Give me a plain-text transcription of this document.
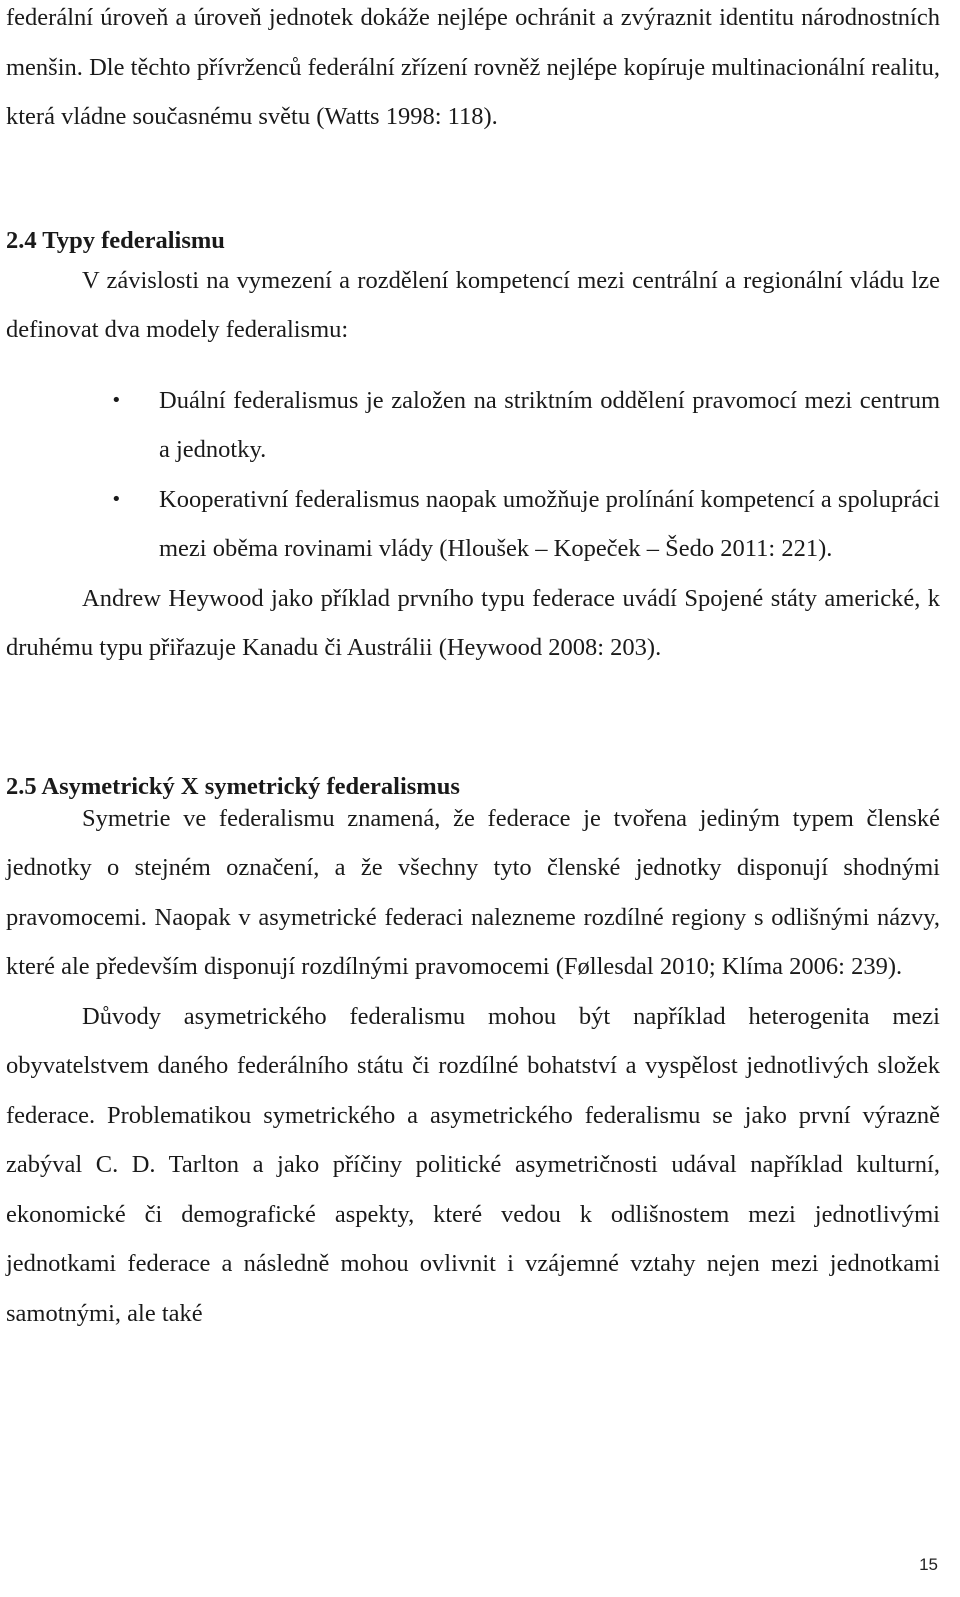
federální úroveň a úroveň jednotek dokáže nejlépe ochránit a zvýraznit identitu národnostních menšin. Dle těchto přívrženců federální zřízení rovněž nejlépe kopíruje multinacionální realitu, která vládne současnému světu (Watts 1998: 118).

2.4 Typy federalismu

V závislosti na vymezení a rozdělení kompetencí mezi centrální a regionální vládu lze definovat dva modely federalismu:

• Duální federalismus je založen na striktním oddělení pravomocí mezi centrum a jednotky.
• Kooperativní federalismus naopak umožňuje prolínání kompetencí a spolupráci mezi oběma rovinami vlády (Hloušek – Kopeček – Šedo 2011: 221).

Andrew Heywood jako příklad prvního typu federace uvádí Spojené státy americké, k druhému typu přiřazuje Kanadu či Austrálii (Heywood 2008: 203).

2.5 Asymetrický X symetrický federalismus

Symetrie ve federalismu znamená, že federace je tvořena jediným typem členské jednotky o stejném označení, a že všechny tyto členské jednotky disponují shodnými pravomocemi. Naopak v asymetrické federaci nalezneme rozdílné regiony s odlišnými názvy, které ale především disponují rozdílnými pravomocemi (Føllesdal 2010; Klíma 2006: 239).

Důvody asymetrického federalismu mohou být například heterogenita mezi obyvatelstvem daného federálního státu či rozdílné bohatství a vyspělost jednotlivých složek federace. Problematikou symetrického a asymetrického federalismu se jako první výrazně zabýval C. D. Tarlton a jako příčiny politické asymetričnosti udával například kulturní, ekonomické či demografické aspekty, které vedou k odlišnostem mezi jednotlivými jednotkami federace a následně mohou ovlivnit i vzájemné vztahy nejen mezi jednotkami samotnými, ale také

15
